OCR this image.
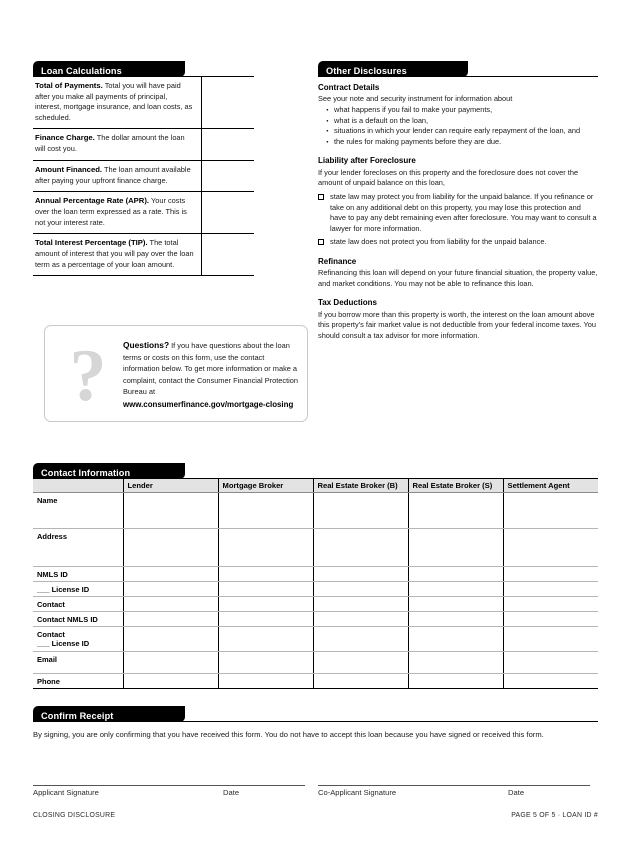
Loan Calculations
Total of Payments. Total you will have paid after you make all payments of principal, interest, mortgage insurance, and loan costs, as scheduled.	
Finance Charge. The dollar amount the loan will cost you.	
Amount Financed. The loan amount available after paying your upfront finance charge.	
Annual Percentage Rate (APR). Your costs over the loan term expressed as a rate. This is not your interest rate.	
Total Interest Percentage (TIP). The total amount of interest that you will pay over the loan term as a percentage of your loan amount.	
Other Disclosures
Contract Details
See your note and security instrument for information about
· what happens if you fail to make your payments,
· what is a default on the loan,
· situations in which your lender can require early repayment of the loan, and
· the rules for making payments before they are due.
Liability after Foreclosure
If your lender forecloses on this property and the foreclosure does not cover the amount of unpaid balance on this loan,
state law may protect you from liability for the unpaid balance. If you refinance or take on any additional debt on this property, you may lose this protection and have to pay any debt remaining even after foreclosure. You may want to consult a lawyer for more information.
state law does not protect you from liability for the unpaid balance.
Refinance
Refinancing this loan will depend on your future financial situation, the property value, and market conditions. You may not be able to refinance this loan.
Tax Deductions
If you borrow more than this property is worth, the interest on the loan amount above this property’s fair market value is not deductible from your federal income taxes. You should consult a tax advisor for more information.
?	Questions? If you have questions about the loan terms or costs on this form, use the contact information below. To get more information or make a complaint, contact the Consumer Financial Protection Bureau at
www.consumerfinance.gov/mortgage-closing
Contact Information
	Lender	Mortgage Broker	Real Estate Broker (B)	Real Estate Broker (S)	Settlement Agent
Name					
Address					
NMLS ID					
___ License ID					
Contact					
Contact NMLS ID					
Contact
___ License ID					
Email					
Phone					
Confirm Receipt
By signing, you are only confirming that you have received this form. You do not have to accept this loan because you have signed or received this form.
Applicant Signature	Date	Co-Applicant Signature	Date
CLOSING DISCLOSURE	PAGE 5 OF 5 · LOAN ID #
